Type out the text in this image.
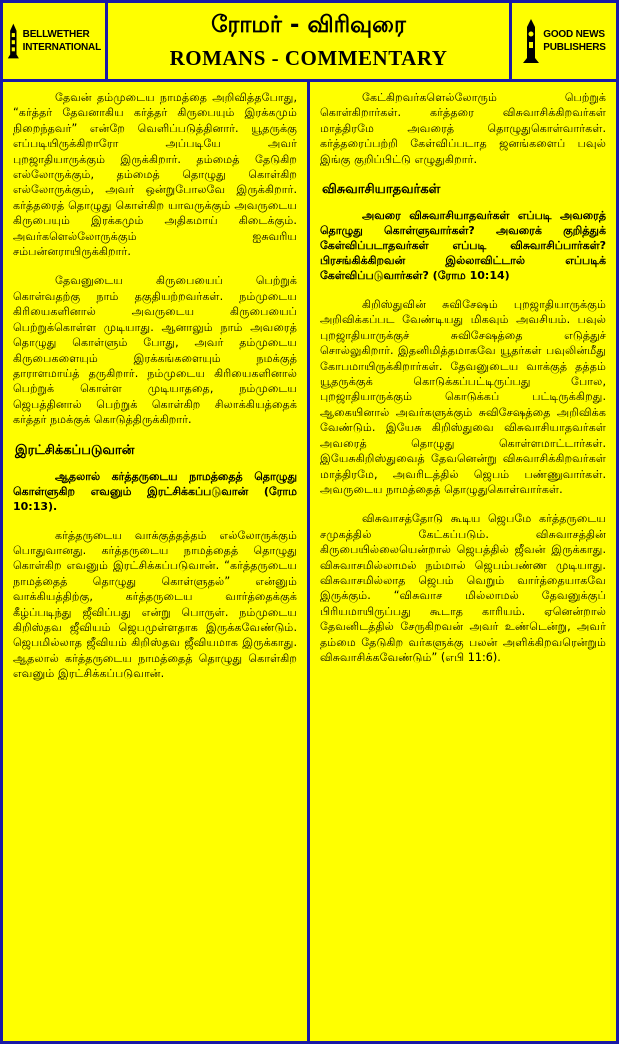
BELLWETHER
INTERNATIONAL
ரோமர் - விரிவுரை
ROMANS - COMMENTARY
GOOD NEWS
PUBLISHERS

தேவன் தம்முடைய நாமத்தை அறிவித்தபோது, “கர்த்தர் தேவனாகிய கர்த்தர் கிருபையும் இரக்கமும் நிறைந்தவர்” என்றே வெளிப்படுத்தினார். யூதருக்கு எப்படியிருக்கிறாரோ அப்படியே அவர் புறஜாதியாருக்கும் இருக்கிறார். தம்மைத் தேடுகிற எல்லோருக்கும், தம்மைத் தொழுது கொள்கிற எல்லோருக்கும், அவர் ஒன்றுபோலவே இருக்கிறார். கர்த்தரைத் தொழுது கொள்கிற யாவருக்கும் அவருடைய கிருபையும் இரக்கமும் அதிகமாய் கிடைக்கும். அவர்களெல்லோருக்கும் ஐசுவரிய சம்பன்னராயிருக்கிறார்.

தேவனுடைய கிருபையைப் பெற்றுக் கொள்வதற்கு நாம் தகுதியற்றவர்கள். நம்முடைய கிரியைகளினால் அவருடைய கிருபையைப் பெற்றுக்கொள்ள முடியாது. ஆனாலும் நாம் அவரைத் தொழுது கொள்ளும் போது, அவர் தம்முடைய கிருபைகளையும் இரக்கங்களையும் நமக்குத் தாராளமாய்த் தருகிறார். நம்முடைய கிரியைகளினால் பெற்றுக் கொள்ள முடியாததை, நம்முடைய ஜெபத்தினால் பெற்றுக் கொள்கிற சிலாக்கியத்தைக் கர்த்தர் நமக்குக் கொடுத்திருக்கிறார்.

இரட்சிக்கப்படுவான்

ஆதலால் கர்த்தருடைய நாமத்தைத் தொழுது கொள்ளுகிற எவனும் இரட்சிக்கப்படுவான் (ரோம 10:13).

கர்த்தருடைய வாக்குத்தத்தம் எல்லோருக்கும் பொதுவானது. கர்த்தருடைய நாமத்தைத் தொழுது கொள்கிற எவனும் இரட்சிக்கப்படுவான். “கர்த்தருடைய நாமத்தைத் தொழுது கொள்ளுதல்” என்னும் வாக்கியத்திற்கு, கர்த்தருடைய வார்த்தைக்குக் கீழ்ப்படிந்து ஜீவிப்பது என்று பொருள். நம்முடைய கிறிஸ்தவ ஜீவியம் ஜெபமுள்ளதாக இருக்கவேண்டும். ஜெபமில்லாத ஜீவியம் கிறிஸ்தவ ஜீவியமாக இருக்காது. ஆதலால் கர்த்தருடைய நாமத்தைத் தொழுது கொள்கிற எவனும் இரட்சிக்கப்படுவான்.

கேட்கிறவர்களெல்லோரும் பெற்றுக் கொள்கிறார்கள். கர்த்தரை விசுவாசிக்கிறவர்கள் மாத்திரமே அவரைத் தொழுதுகொள்வார்கள். கர்த்தரைப்பற்றி கேள்விப்படாத ஜனங்களைப் பவுல் இங்கு குறிப்பிட்டு எழுதுகிறார்.

விசுவாசியாதவர்கள்

அவரை விசுவாசியாதவர்கள் எப்படி அவரைத் தொழுது கொள்ளுவார்கள்? அவரைக் குறித்துக் கேள்விப்படாதவர்கள் எப்படி விசுவாசிப்பார்கள்? பிரசங்கிக்கிறவன் இல்லாவிட்டால் எப்படிக் கேள்விப்படுவார்கள்? (ரோம 10:14)

கிறிஸ்துவின் சுவிசேஷம் புறஜாதியாருக்கும் அறிவிக்கப்பட வேண்டியது மிகவும் அவசியம். பவுல் புறஜாதியாருக்குச் சுவிசேஷத்தை எடுத்துச் சொல்லுகிறார். இதனிமித்தமாகவே யூதர்கள் பவுலின்மீது கோபமாயிருக்கிறார்கள். தேவனுடைய வாக்குத் தத்தம் யூதருக்குக் கொடுக்கப்பட்டிருப்பது போல, புறஜாதியாருக்கும் கொடுக்கப் பட்டிருக்கிறது. ஆகையினால் அவர்களுக்கும் சுவிசேஷத்தை அறிவிக்க வேண்டும். இயேசு கிறிஸ்துவை விசுவாசியாதவர்கள் அவரைத் தொழுது கொள்ளமாட்டார்கள். இயேசுகிறிஸ்துவைத் தேவனென்று விசுவாசிக்கிறவர்கள் மாத்திரமே, அவரிடத்தில் ஜெபம் பண்ணுவார்கள். அவருடைய நாமத்தைத் தொழுதுகொள்வார்கள்.

விசுவாசத்தோடு கூடிய ஜெபமே கர்த்தருடைய சமுகத்தில் கேட்கப்படும். விசுவாசத்தின் கிருபையில்லையென்றால் ஜெபத்தில் ஜீவன் இருக்காது. விசுவாசமில்லாமல் நம்மால் ஜெபம்பண்ண முடியாது. விசுவாசமில்லாத ஜெபம் வெறும் வார்த்தையாகவே இருக்கும். “விசுவாச மில்லாமல் தேவனுக்குப் பிரியமாயிருப்பது கூடாத காரியம். ஏனென்றால் தேவனிடத்தில் சேருகிறவன் அவர் உண்டென்று, அவர் தம்மை தேடுகிற வர்களுக்கு பலன் அளிக்கிறவரென்றும் விசுவாசிக்கவேண்டும்” (எபி 11:6).
